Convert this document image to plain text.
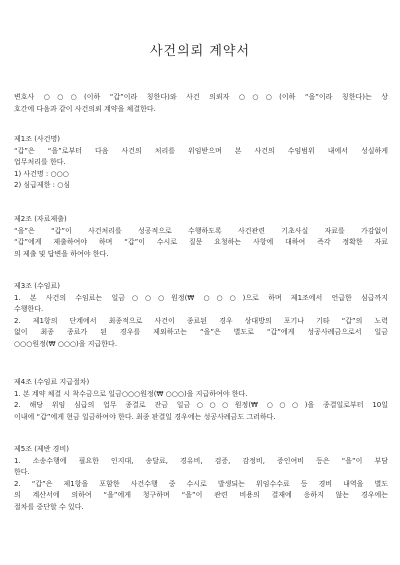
사건의뢰 계약서
변호사 ○○○(이하 “갑”이라 칭한다)와 사건 의뢰자 ○○○(이하 “을”이라 칭한다)는 상
호간에 다음과 같이 사건의뢰 계약을 체결한다.
제1조 (사건명)
“갑”은 “을”로부터 다음 사건의 처리를 위임받으며 본 사건의 수임범위 내에서 성실하게
업무처리를 한다.
1) 사건명 : ○○○
2) 심급제한 : ○심
제2조 (자료제출)
“을”은 “갑”이 사건처리를 성공적으로 수행하도록 사건관련 기초사실 자료를 가감없이
“갑”에게 제출하여야 하며 “갑”이 수시로 질문 요청하는 사항에 대하여 즉각 정확한 자료
의 제출 및 답변을 하여야 한다.
제3조 (수임료)
1. 본 사건의 수임료는 일금○○○원정(₩ ○○○)으로 하며 제1조에서 언급한 심급까지
수행한다.
2. 제1항의 단계에서 최종적으로 사건이 종료된 경우 상대방의 포기나 기타 “갑”의 노력
없이 최종 종료가 된 경우를 제외하고는 “을”은 별도로 “갑”에게 성공사례금으로서 일금
○○○원정(₩ ○○○)을 지급한다.
제4조 (수임료 지급절차)
1. 본 계약 체결 시 착수금으로 일금○○○원정(₩ ○○○)을 지급하여야 한다.
2. 해당 위임 심급의 업무 종결로 잔금 일금○○○원정(₩ ○○○)을 종결일로부터 10일
이내에 “갑”에게 현금 일금하여야 한다. 최종 판결일 경우에는 성공사례금도 그러하다.
제5조 (제반 경비)
1. 소송수행에 필요한 인지대, 송달료, 경유비, 검증, 감정비, 증인여비 등은 “을”이 부담
한다.
2. “갑”은 제1항을 포함한 사건수행 중 수시로 발생되는 위임수수료 등 경비 내역을 별도
의 계산서에 의하여 “을”에게 청구하며 “을”이 관련 비용의 결재에 응하지 않는 경우에는
절차를 중단할 수 있다.
